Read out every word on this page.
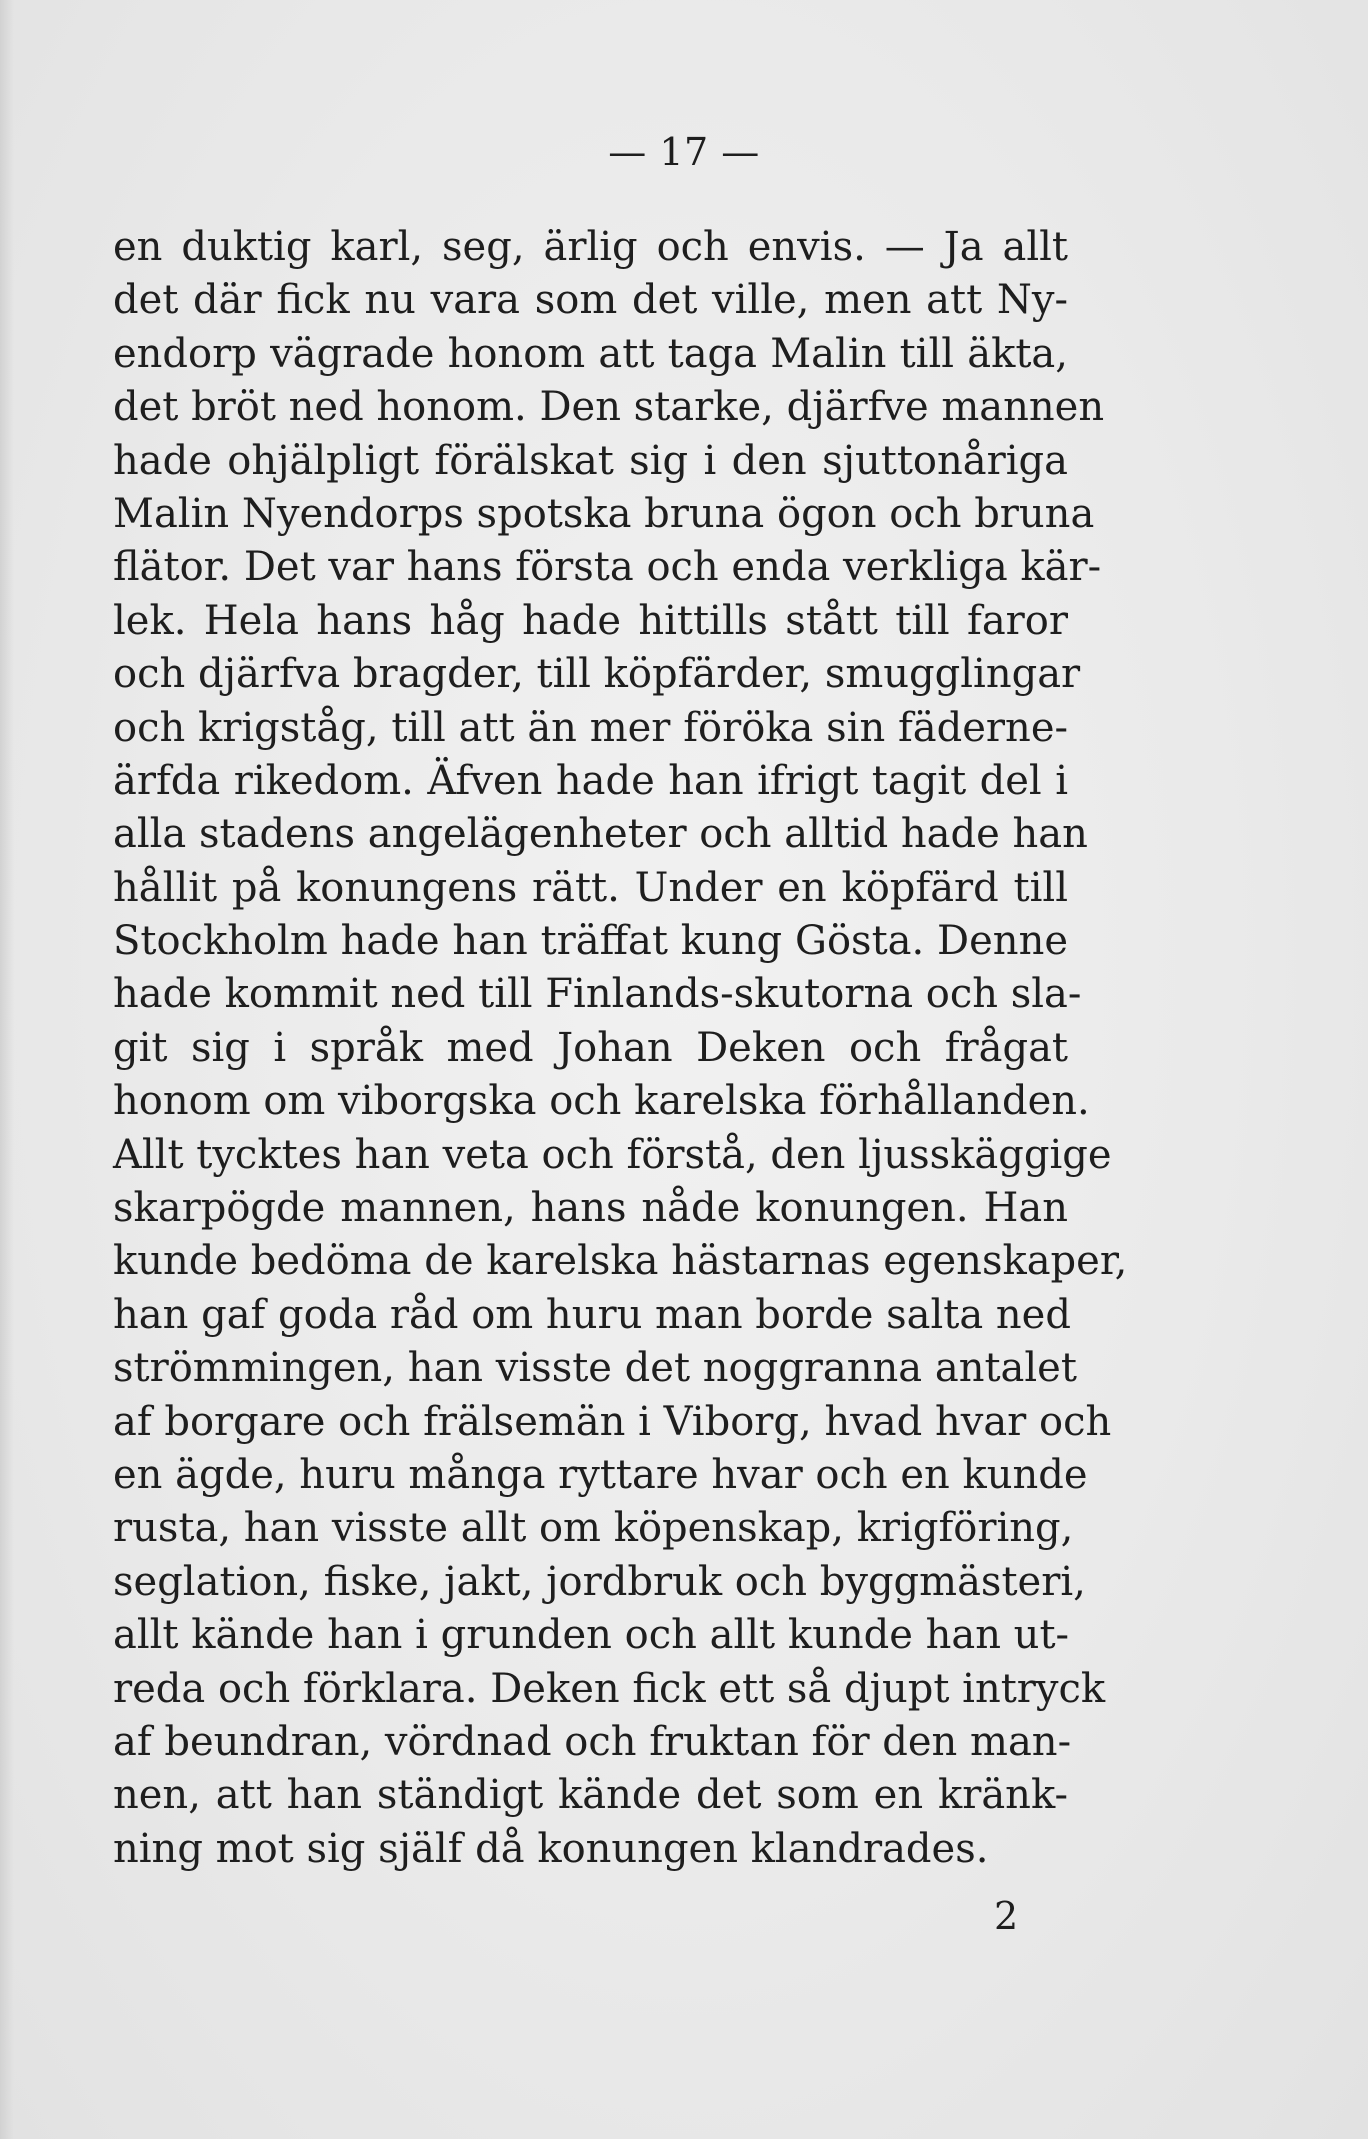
— 17 —
en duktig karl, seg, ärlig och envis. — Ja allt
det där fick nu vara som det ville, men att Ny-
endorp vägrade honom att taga Malin till äkta,
det bröt ned honom. Den starke, djärfve mannen
hade ohjälpligt förälskat sig i den sjuttonåriga
Malin Nyendorps spotska bruna ögon och bruna
flätor. Det var hans första och enda verkliga kär-
lek. Hela hans håg hade hittills stått till faror
och djärfva bragder, till köpfärder, smugglingar
och krigståg, till att än mer föröka sin fäderne-
ärfda rikedom. Äfven hade han ifrigt tagit del i
alla stadens angelägenheter och alltid hade han
hållit på konungens rätt. Under en köpfärd till
Stockholm hade han träffat kung Gösta. Denne
hade kommit ned till Finlands-skutorna och sla-
git sig i språk med Johan Deken och frågat
honom om viborgska och karelska förhållanden.
Allt tycktes han veta och förstå, den ljusskäggige
skarpögde mannen, hans nåde konungen. Han
kunde bedöma de karelska hästarnas egenskaper,
han gaf goda råd om huru man borde salta ned
strömmingen, han visste det noggranna antalet
af borgare och frälsemän i Viborg, hvad hvar och
en ägde, huru många ryttare hvar och en kunde
rusta, han visste allt om köpenskap, krigföring,
seglation, fiske, jakt, jordbruk och byggmästeri,
allt kände han i grunden och allt kunde han ut-
reda och förklara. Deken fick ett så djupt intryck
af beundran, vördnad och fruktan för den man-
nen, att han ständigt kände det som en kränk-
ning mot sig själf då konungen klandrades.
2
